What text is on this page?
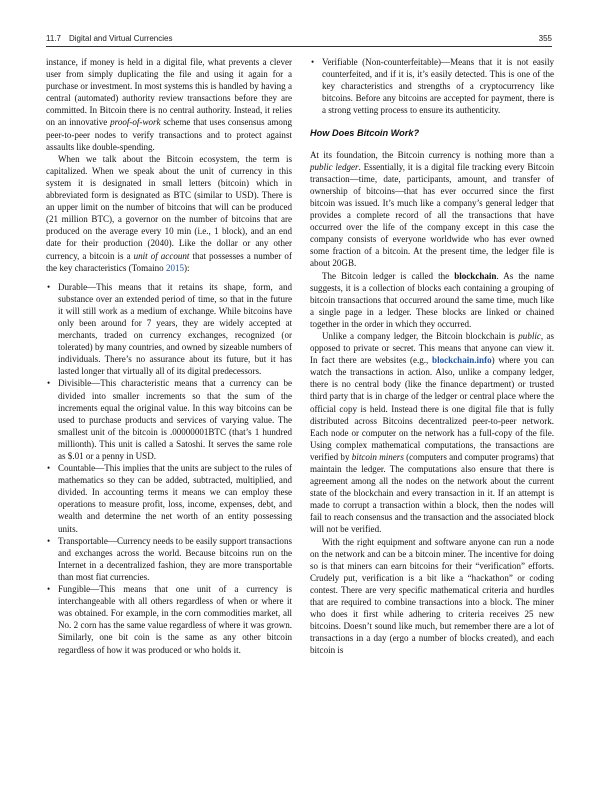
11.7 Digital and Virtual Currencies	355

instance, if money is held in a digital file, what prevents a clever user from simply duplicating the file and using it again for a purchase or investment. In most systems this is handled by having a central (automated) authority review transactions before they are committed. In Bitcoin there is no central authority. Instead, it relies on an innovative proof-of-work scheme that uses consensus among peer-to-peer nodes to verify transactions and to protect against assaults like double-spending.

When we talk about the Bitcoin ecosystem, the term is capitalized. When we speak about the unit of currency in this system it is designated in small letters (bitcoin) which in abbreviated form is designated as BTC (similar to USD). There is an upper limit on the number of bitcoins that will can be produced (21 million BTC), a governor on the number of bitcoins that are produced on the average every 10 min (i.e., 1 block), and an end date for their production (2040). Like the dollar or any other currency, a bitcoin is a unit of account that possesses a number of the key characteristics (Tomaino 2015):

• Durable—This means that it retains its shape, form, and substance over an extended period of time, so that in the future it will still work as a medium of exchange. While bitcoins have only been around for 7 years, they are widely accepted at merchants, traded on currency exchanges, recognized (or tolerated) by many countries, and owned by sizeable numbers of individuals. There’s no assurance about its future, but it has lasted longer that virtually all of its digital predecessors.
• Divisible—This characteristic means that a currency can be divided into smaller increments so that the sum of the increments equal the original value. In this way bitcoins can be used to purchase products and services of varying value. The smallest unit of the bitcoin is .00000001BTC (that’s 1 hundred millionth). This unit is called a Satoshi. It serves the same role as $.01 or a penny in USD.
• Countable—This implies that the units are subject to the rules of mathematics so they can be added, subtracted, multiplied, and divided. In accounting terms it means we can employ these operations to measure profit, loss, income, expenses, debt, and wealth and determine the net worth of an entity possessing units.
• Transportable—Currency needs to be easily support transactions and exchanges across the world. Because bitcoins run on the Internet in a decentralized fashion, they are more transportable than most fiat currencies.
• Fungible—This means that one unit of a currency is interchangeable with all others regardless of when or where it was obtained. For example, in the corn commodities market, all No. 2 corn has the same value regardless of where it was grown. Similarly, one bit coin is the same as any other bitcoin regardless of how it was produced or who holds it.
• Verifiable (Non-counterfeitable)—Means that it is not easily counterfeited, and if it is, it’s easily detected. This is one of the key characteristics and strengths of a cryptocurrency like bitcoins. Before any bitcoins are accepted for payment, there is a strong vetting process to ensure its authenticity.
How Does Bitcoin Work?

At its foundation, the Bitcoin currency is nothing more than a public ledger. Essentially, it is a digital file tracking every Bitcoin transaction—time, date, participants, amount, and transfer of ownership of bitcoins—that has ever occurred since the first bitcoin was issued. It’s much like a company’s general ledger that provides a complete record of all the transactions that have occurred over the life of the company except in this case the company consists of everyone worldwide who has ever owned some fraction of a bitcoin. At the present time, the ledger file is about 20GB.

The Bitcoin ledger is called the blockchain. As the name suggests, it is a collection of blocks each containing a grouping of bitcoin transactions that occurred around the same time, much like a single page in a ledger. These blocks are linked or chained together in the order in which they occurred.

Unlike a company ledger, the Bitcoin blockchain is public, as opposed to private or secret. This means that anyone can view it. In fact there are websites (e.g., blockchain.info) where you can watch the transactions in action. Also, unlike a company ledger, there is no central body (like the finance department) or trusted third party that is in charge of the ledger or central place where the official copy is held. Instead there is one digital file that is fully distributed across Bitcoins decentralized peer-to-peer network. Each node or computer on the network has a full-copy of the file. Using complex mathematical computations, the transactions are verified by bitcoin miners (computers and computer programs) that maintain the ledger. The computations also ensure that there is agreement among all the nodes on the network about the current state of the blockchain and every transaction in it. If an attempt is made to corrupt a transaction within a block, then the nodes will fail to reach consensus and the transaction and the associated block will not be verified.

With the right equipment and software anyone can run a node on the network and can be a bitcoin miner. The incentive for doing so is that miners can earn bitcoins for their “verification” efforts. Crudely put, verification is a bit like a “hackathon” or coding contest. There are very specific mathematical criteria and hurdles that are required to combine transactions into a block. The miner who does it first while adhering to criteria receives 25 new bitcoins. Doesn’t sound like much, but remember there are a lot of transactions in a day (ergo a number of blocks created), and each bitcoin is
